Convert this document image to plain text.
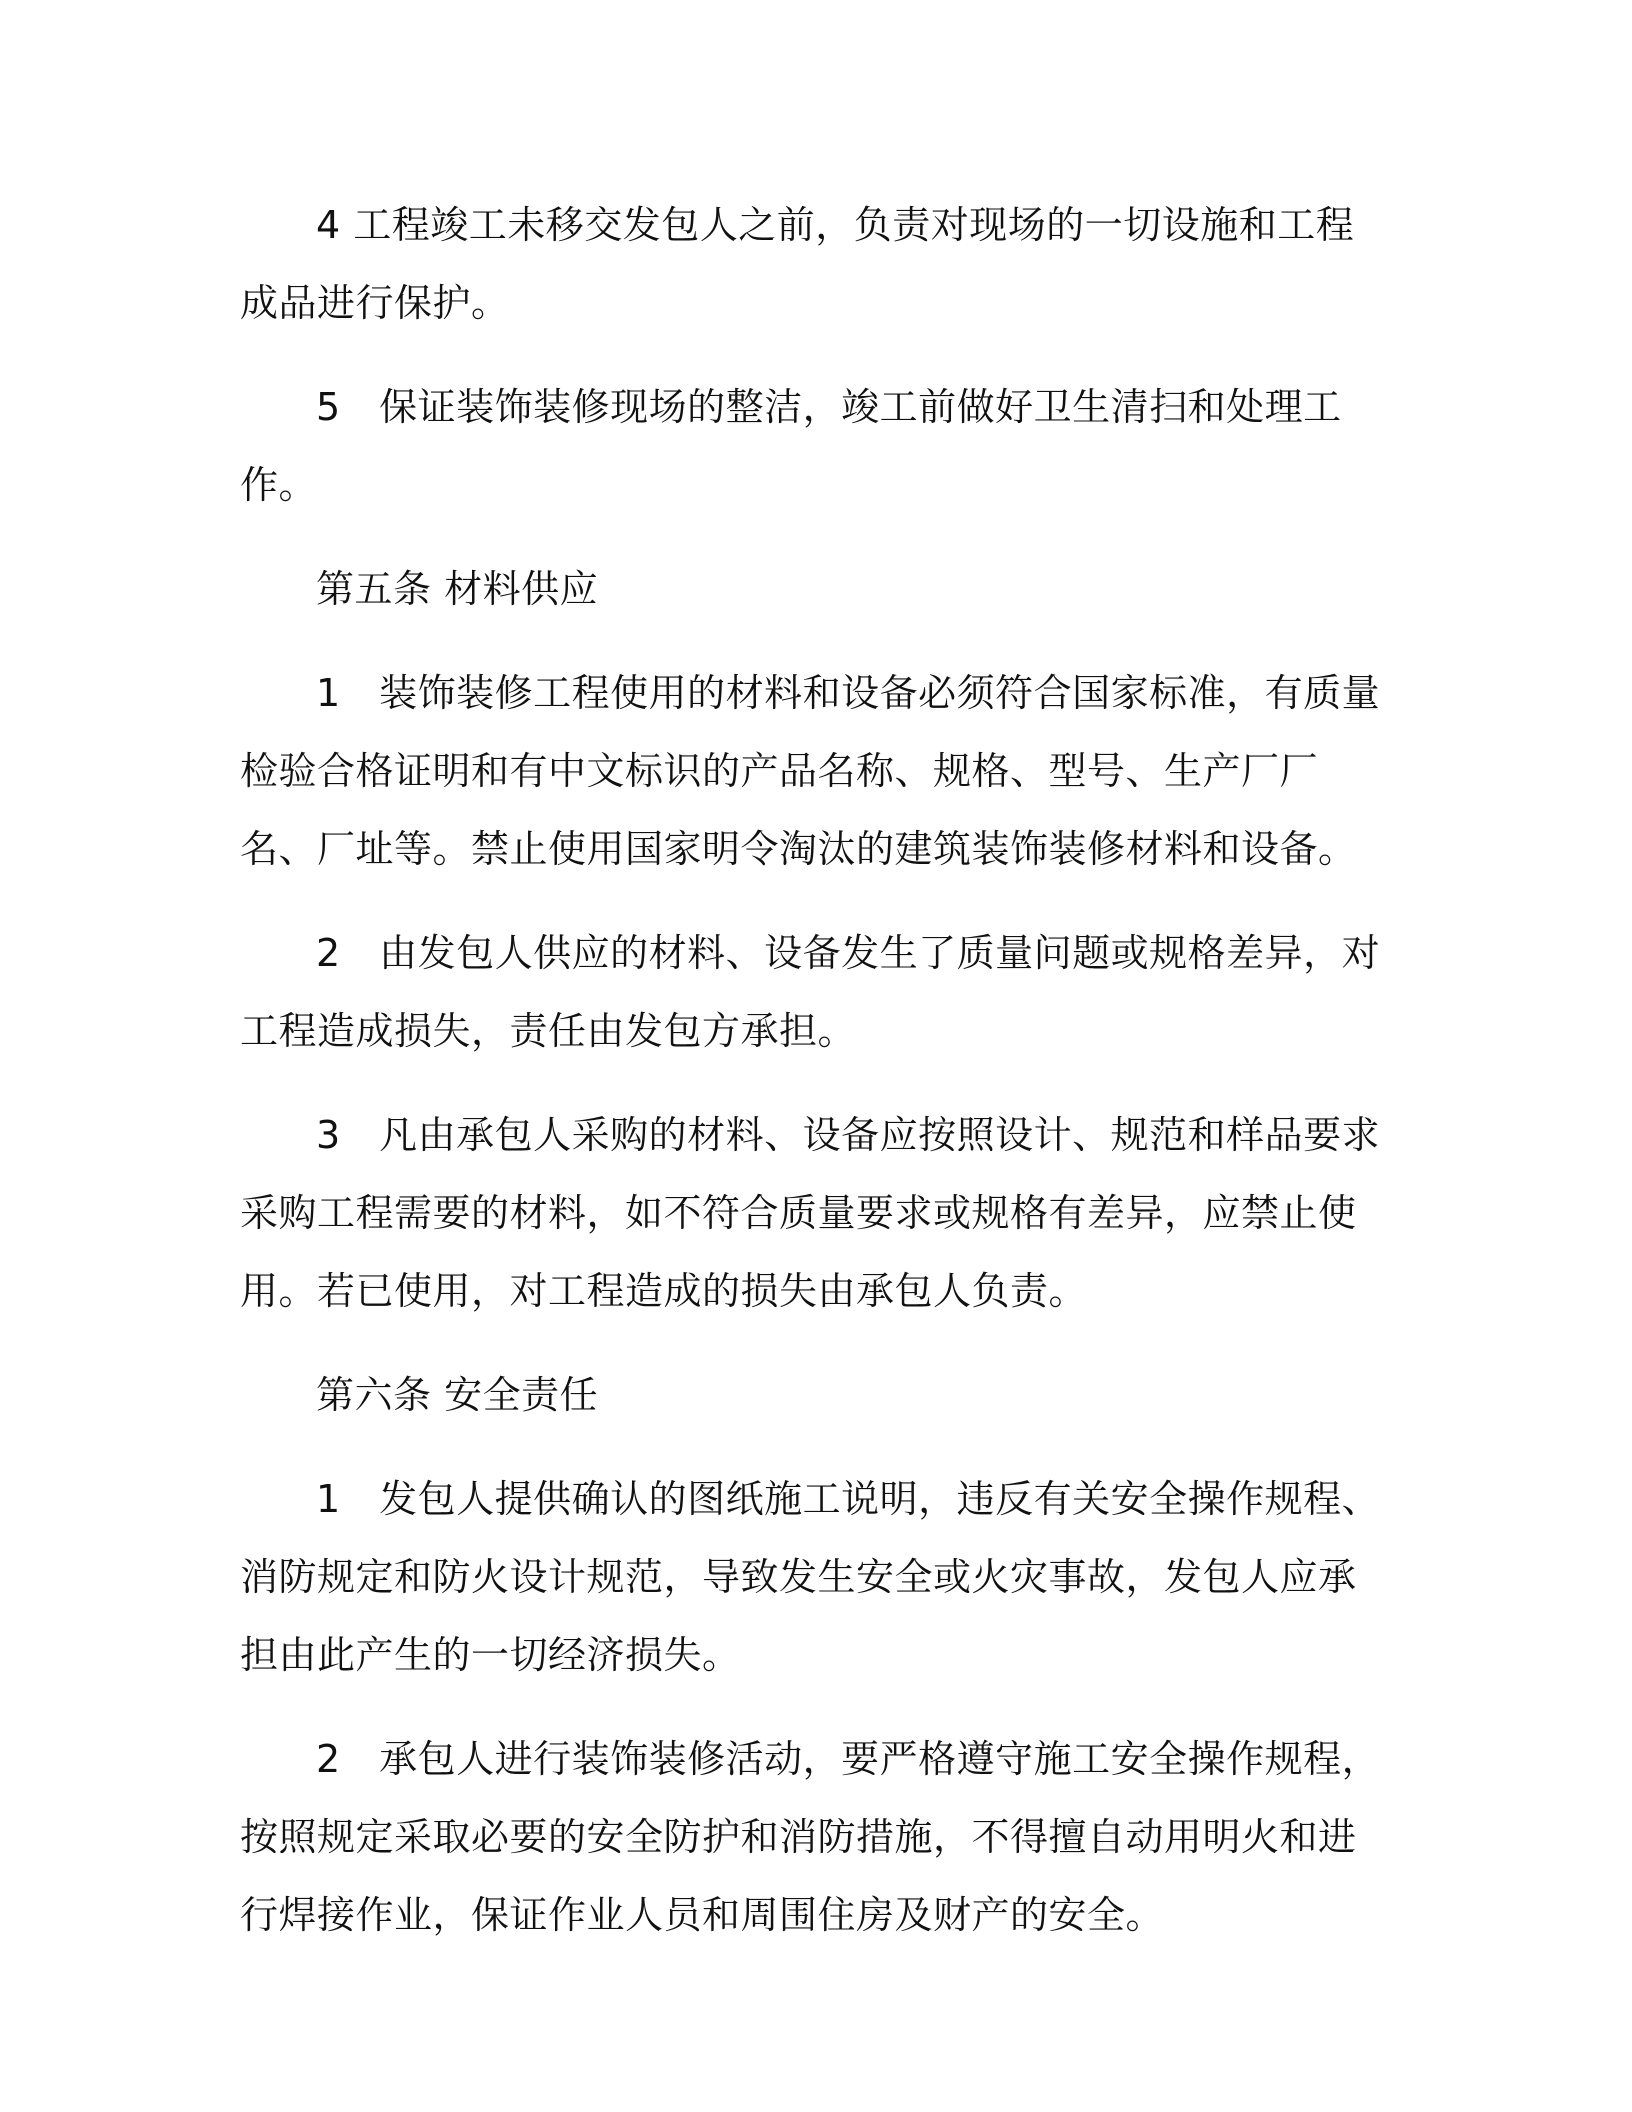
4 工程竣工未移交发包人之前，负责对现场的一切设施和工程成品进行保护。

5　保证装饰装修现场的整洁，竣工前做好卫生清扫和处理工作。

第五条 材料供应

1　装饰装修工程使用的材料和设备必须符合国家标准，有质量检验合格证明和有中文标识的产品名称、规格、型号、生产厂厂名、厂址等。禁止使用国家明令淘汰的建筑装饰装修材料和设备。

2　由发包人供应的材料、设备发生了质量问题或规格差异，对工程造成损失，责任由发包方承担。

3　凡由承包人采购的材料、设备应按照设计、规范和样品要求采购工程需要的材料，如不符合质量要求或规格有差异，应禁止使用。若已使用，对工程造成的损失由承包人负责。

第六条 安全责任

1　发包人提供确认的图纸施工说明，违反有关安全操作规程、消防规定和防火设计规范，导致发生安全或火灾事故，发包人应承担由此产生的一切经济损失。

2　承包人进行装饰装修活动，要严格遵守施工安全操作规程，按照规定采取必要的安全防护和消防措施，不得擅自动用明火和进行焊接作业，保证作业人员和周围住房及财产的安全。
